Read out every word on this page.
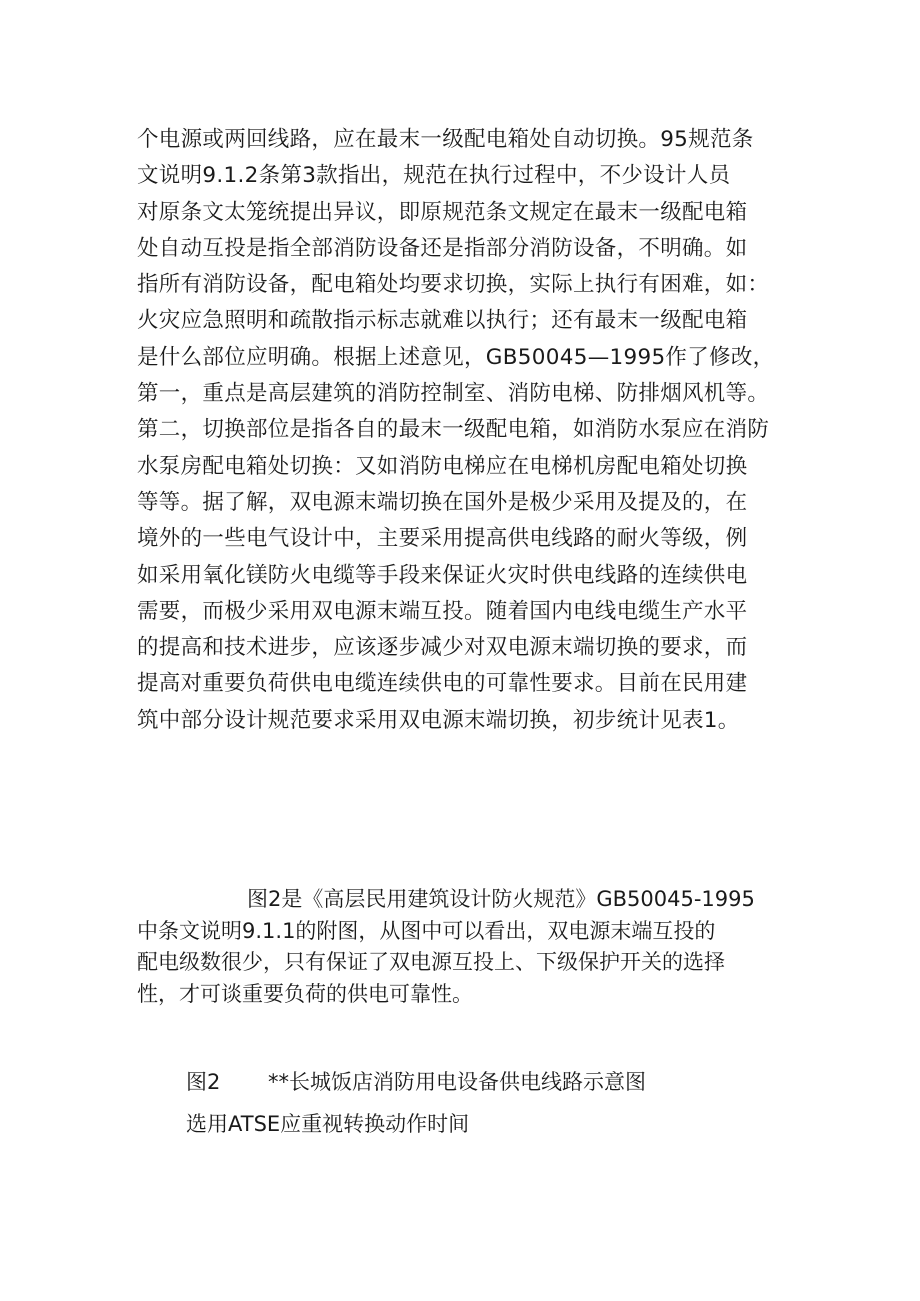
个电源或两回线路，应在最末一级配电箱处自动切换。95规范条
文说明9.1.2条第3款指出，规范在执行过程中，不少设计人员
对原条文太笼统提出异议，即原规范条文规定在最末一级配电箱
处自动互投是指全部消防设备还是指部分消防设备，不明确。如
指所有消防设备，配电箱处均要求切换，实际上执行有困难，如：
火灾应急照明和疏散指示标志就难以执行；还有最末一级配电箱
是什么部位应明确。根据上述意见，GB50045—1995作了修改，
第一，重点是高层建筑的消防控制室、消防电梯、防排烟风机等。
第二，切换部位是指各自的最末一级配电箱，如消防水泵应在消防
水泵房配电箱处切换：又如消防电梯应在电梯机房配电箱处切换
等等。据了解，双电源末端切换在国外是极少采用及提及的，在
境外的一些电气设计中，主要采用提高供电线路的耐火等级，例
如采用氧化镁防火电缆等手段来保证火灾时供电线路的连续供电
需要，而极少采用双电源末端互投。随着国内电线电缆生产水平
的提高和技术进步，应该逐步减少对双电源末端切换的要求，而
提高对重要负荷供电电缆连续供电的可靠性要求。目前在民用建
筑中部分设计规范要求采用双电源末端切换，初步统计见表1。
图2是《高层民用建筑设计防火规范》GB50045-1995
中条文说明9.1.1的附图，从图中可以看出，双电源末端互投的
配电级数很少，只有保证了双电源互投上、下级保护开关的选择
性，才可谈重要负荷的供电可靠性。
图2 **长城饭店消防用电设备供电线路示意图
选用ATSE应重视转换动作时间
